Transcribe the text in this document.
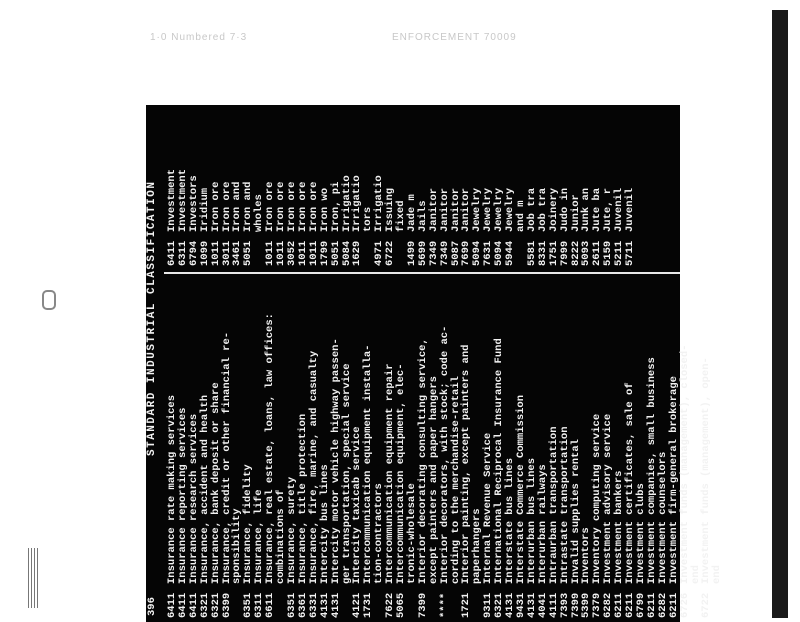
1·0 Numbered 7·3	ENFORCEMENT 70009
396
STANDARD INDUSTRIAL CLASSIFICATION
6411
Insurance rate making services
6411
Insurance reporting services
6411
Insurance research services
6321
Insurance, accident and health
6321
Insurance, bank deposit or share
6399
Insurance, credit or other financial re-
sponsibility
6351
Insurance, fidelity
6311
Insurance, life
6611
Insurance, real estate, loans, law offices:
combinations of
6351
Insurance, surety
6361
Insurance, title protection
6331
Insurance, fire, marine, and casualty
4131
Intercity bus lines
4131
Intercity motor vehicle highway passen-
ger transportation, special service
4121
Intercity taxicab service
1731
Intercommunication equipment installa-
tion-contractors
7622
Intercommunication equipment repair
5065
Intercommunication equipment, elec-
tronic-wholesale
7399
Interior decorating consulting service,
except painters and paper hangers
****
Interior decorators, with stock; code ac-
cording to the merchandise-retail
1721
Interior painting, except painters and
paperhangers
9311
Internal Revenue Service
6321
International Reciprocal Insurance Fund
4131
Interstate bus lines
9431
Interstate Commerce Commission
4131
Interurban bus lines
4041
Interurban railways
4111
Intraurban transportation
7393
Intrastate transportation
7399
Invalid supplies rental
5399
Inventors
7379
Inventory computing service
6282
Investment advisory service
6211
Investment bankers
6211
Investment certificates, sale of
6799
Investment clubs
6211
Investment companies, small business
6282
Investment counselors
6211
Investment firm-general brokerage
6726
Investment funds (management), closed-
end
6722
Investment funds (management), open-
end
6411
Investment
6311
Investment
6794
Investors
1099
Iridium
1011
Iron ore
3011
Iron ore
3461
Iron and
5051
Iron and
wholes
1011
Iron ore
1011
Iron ore
3052
Iron ore
1011
Iron ore
1011
Iron ore
1799
Iron wo
5051
Iron, pi
5084
Irrigatio
1629
Irrigatio
tors
4971
Irrigatio
6722
Issuing
fixed
1499
Jade m
5699
Jails
7349
Janitor
7349
Janitor
5087
Janitor
7699
Janitor
5094
Jewelry
7631
Jewelry
5094
Jewelry
5944
Jewelry
and m
5581
Job tra
8331
Job tra
1751
Joinery
7999
Judo in
8222
Junior
5093
Junk an
2611
Jute ba
5159
Jute, r
5211
Juvenil
5711
Juvenil
